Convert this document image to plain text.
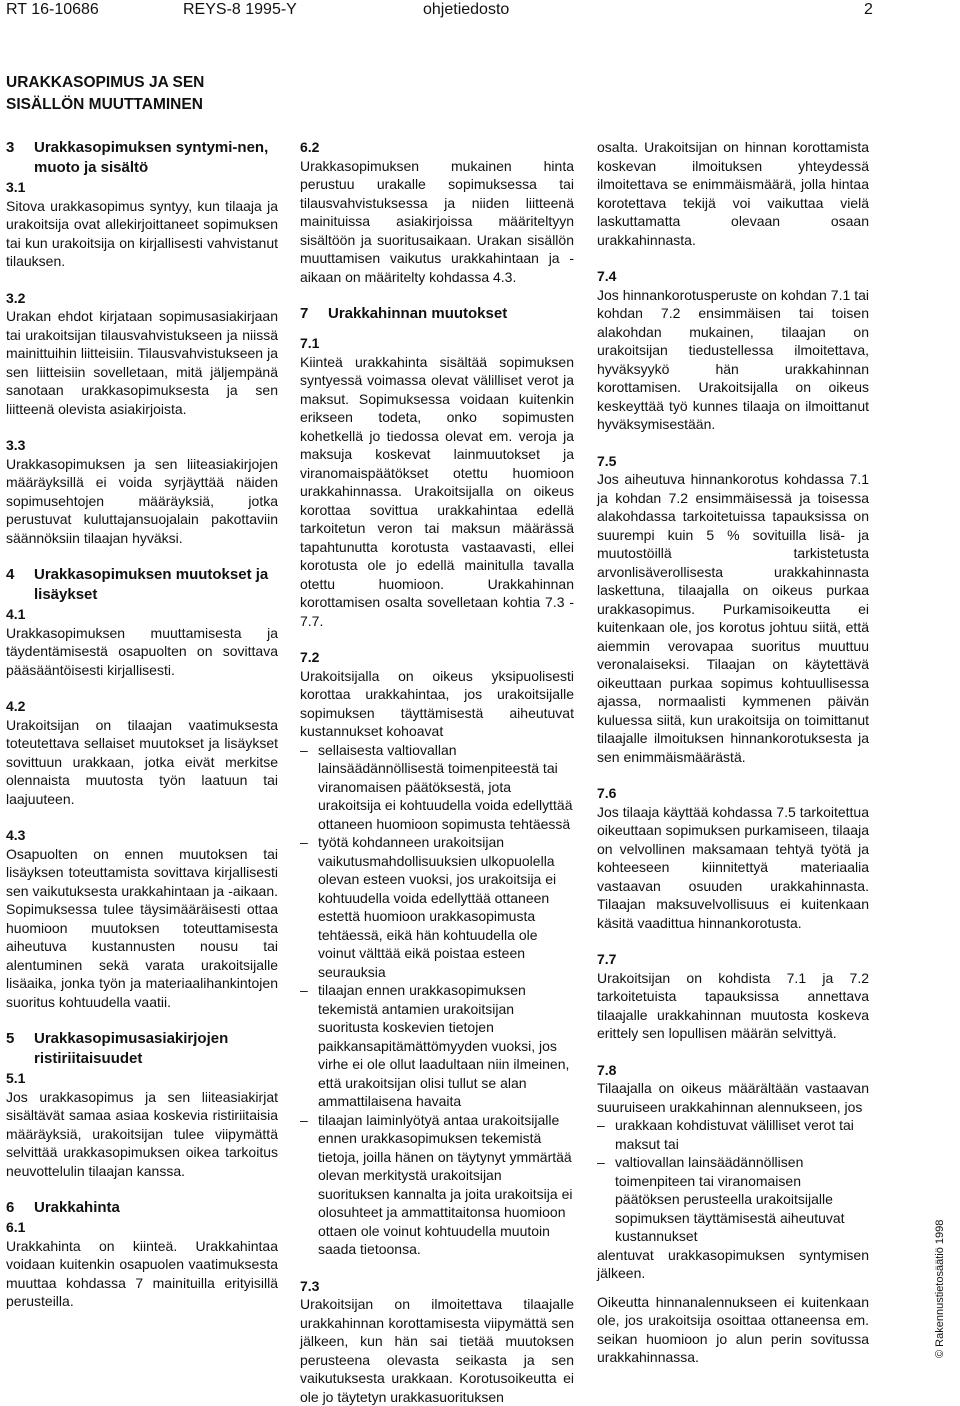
RT 16-10686	REYS-8 1995-Y	ohjetiedosto	2
URAKKASOPIMUS JA SEN
SISÄLLÖN MUUTTAMINEN
3	Urakkasopimuksen syntymi-nen, muoto ja sisältö

3.1

Sitova urakkasopimus syntyy, kun tilaaja ja urakoitsija ovat allekirjoittaneet sopimuksen tai kun urakoitsija on kirjallisesti vahvistanut tilauksen.

3.2

Urakan ehdot kirjataan sopimusasiakirjaan tai urakoitsijan tilausvahvistukseen ja niissä mainittuihin liitteisiin. Tilausvahvistukseen ja sen liitteisiin sovelletaan, mitä jäljempänä sanotaan urakkasopimuksesta ja sen liitteenä olevista asiakirjoista.

3.3

Urakkasopimuksen ja sen liiteasiakirjojen määräyksillä ei voida syrjäyttää näiden sopimusehtojen määräyksiä, jotka perustuvat kuluttajansuojalain pakottaviin säännöksiin tilaajan hyväksi.

4	Urakkasopimuksen muutokset ja lisäykset

4.1

Urakkasopimuksen muuttamisesta ja täydentämisestä osapuolten on sovittava pääsääntöisesti kirjallisesti.

4.2

Urakoitsijan on tilaajan vaatimuksesta toteutettava sellaiset muutokset ja lisäykset sovittuun urakkaan, jotka eivät merkitse olennaista muutosta työn laatuun tai laajuuteen.

4.3

Osapuolten on ennen muutoksen tai lisäyksen toteuttamista sovittava kirjallisesti sen vaikutuksesta urakkahintaan ja -aikaan. Sopimuksessa tulee täysimääräisesti ottaa huomioon muutoksen toteuttamisesta aiheutuva kustannusten nousu tai alentuminen sekä varata urakoitsijalle lisäaika, jonka työn ja materiaalihankintojen suoritus kohtuudella vaatii.

5	Urakkasopimusasiakirjojen ristiriitaisuudet

5.1

Jos urakkasopimus ja sen liiteasiakirjat sisältävät samaa asiaa koskevia ristiriitaisia määräyksiä, urakoitsijan tulee viipymättä selvittää urakkasopimuksen oikea tarkoitus neuvottelulin tilaajan kanssa.

6	Urakkahinta

6.1

Urakkahinta on kiinteä. Urakkahintaa voidaan kuitenkin osapuolen vaatimuksesta muuttaa kohdassa 7 mainituilla erityisillä perusteilla.

6.2

Urakkasopimuksen mukainen hinta perustuu urakalle sopimuksessa tai tilausvahvistuksessa ja niiden liitteenä mainituissa asiakirjoissa määriteltyyn sisältöön ja suoritusaikaan. Urakan sisällön muuttamisen vaikutus urakkahintaan ja -aikaan on määritelty kohdassa 4.3.

7	Urakkahinnan muutokset

7.1

Kiinteä urakkahinta sisältää sopimuksen syntyessä voimassa olevat välilliset verot ja maksut. Sopimuksessa voidaan kuitenkin erikseen todeta, onko sopimusten kohetkellä jo tiedossa olevat em. veroja ja maksuja koskevat lainmuutokset ja viranomaispäätökset otettu huomioon urakkahinnassa. Urakoitsijalla on oikeus korottaa sovittua urakkahintaa edellä tarkoitetun veron tai maksun määrässä tapahtunutta korotusta vastaavasti, ellei korotusta ole jo edellä mainitulla tavalla otettu huomioon. Urakkahinnan korottamisen osalta sovelletaan kohtia 7.3 - 7.7.

7.2

Urakoitsijalla on oikeus yksipuolisesti korottaa urakkahintaa, jos urakoitsijalle sopimuksen täyttämisestä aiheutuvat kustannukset kohoavat

– sellaisesta valtiovallan lainsäädännöllisestä toimenpiteestä tai viranomaisen päätöksestä, jota urakoitsija ei kohtuudella voida edellyttää ottaneen huomioon sopimusta tehtäessä
– työtä kohdanneen urakoitsijan vaikutusmahdollisuuksien ulkopuolella olevan esteen vuoksi, jos urakoitsija ei kohtuudella voida edellyttää ottaneen estettä huomioon urakkasopimusta tehtäessä, eikä hän kohtuudella ole voinut välttää eikä poistaa esteen seurauksia
– tilaajan ennen urakkasopimuksen tekemistä antamien urakoitsijan suoritusta koskevien tietojen paikkansapitämättömyyden vuoksi, jos virhe ei ole ollut laadultaan niin ilmeinen, että urakoitsijan olisi tullut se alan ammattilaisena havaita
– tilaajan laiminlyötyä antaa urakoitsijalle ennen urakkasopimuksen tekemistä tietoja, joilla hänen on täytynyt ymmärtää olevan merkitystä urakoitsijan suorituksen kannalta ja joita urakoitsija ei olosuhteet ja ammattitaitonsa huomioon ottaen ole voinut kohtuudella muutoin saada tietoonsa.

7.3

Urakoitsijan on ilmoitettava tilaajalle urakkahinnan korottamisesta viipymättä sen jälkeen, kun hän sai tietää muutoksen perusteena olevasta seikasta ja sen vaikutuksesta urakkaan. Korotusoikeutta ei ole jo täytetyn urakkasuorituksen

osalta. Urakoitsijan on hinnan korottamista koskevan ilmoituksen yhteydessä ilmoitettava se enimmäismäärä, jolla hintaa korotettava tekijä voi vaikuttaa vielä laskuttamatta olevaan osaan urakkahinnasta.

7.4

Jos hinnankorotusperuste on kohdan 7.1 tai kohdan 7.2 ensimmäisen tai toisen alakohdan mukainen, tilaajan on urakoitsijan tiedustellessa ilmoitettava, hyväksyykö hän urakkahinnan korottamisen. Urakoitsijalla on oikeus keskeyttää työ kunnes tilaaja on ilmoittanut hyväksymisestään.

7.5

Jos aiheutuva hinnankorotus kohdassa 7.1 ja kohdan 7.2 ensimmäisessä ja toisessa alakohdassa tarkoitetuissa tapauksissa on suurempi kuin 5 % sovituilla lisä- ja muutostöillä tarkistetusta arvonlisäverollisesta urakkahinnasta laskettuna, tilaajalla on oikeus purkaa urakkasopimus. Purkamisoikeutta ei kuitenkaan ole, jos korotus johtuu siitä, että aiemmin verovapaa suoritus muuttuu veronalaiseksi. Tilaajan on käytettävä oikeuttaan purkaa sopimus kohtuullisessa ajassa, normaalisti kymmenen päivän kuluessa siitä, kun urakoitsija on toimittanut tilaajalle ilmoituksen hinnankorotuksesta ja sen enimmäismäärästä.

7.6

Jos tilaaja käyttää kohdassa 7.5 tarkoitettua oikeuttaan sopimuksen purkamiseen, tilaaja on velvollinen maksamaan tehtyä työtä ja kohteeseen kiinnitettyä materiaalia vastaavan osuuden urakkahinnasta. Tilaajan maksuvelvollisuus ei kuitenkaan käsitä vaadittua hinnankorotusta.

7.7

Urakoitsijan on kohdista 7.1 ja 7.2 tarkoitetuista tapauksissa annettava tilaajalle urakkahinnan muutosta koskeva erittely sen lopullisen määrän selvittyä.

7.8

Tilaajalla on oikeus määrältään vastaavan suuruiseen urakkahinnan alennukseen, jos

– urakkaan kohdistuvat välilliset verot tai maksut tai
– valtiovallan lainsäädännöllisen toimenpiteen tai viranomaisen päätöksen perusteella urakoitsijalle sopimuksen täyttämisestä aiheutuvat kustannukset

alentuvat urakkasopimuksen syntymisen jälkeen.

Oikeutta hinnanalennukseen ei kuitenkaan ole, jos urakoitsija osoittaa ottaneensa em. seikan huomioon jo alun perin sovitussa urakkahinnassa.	© Rakennustietosäätiö 1998
